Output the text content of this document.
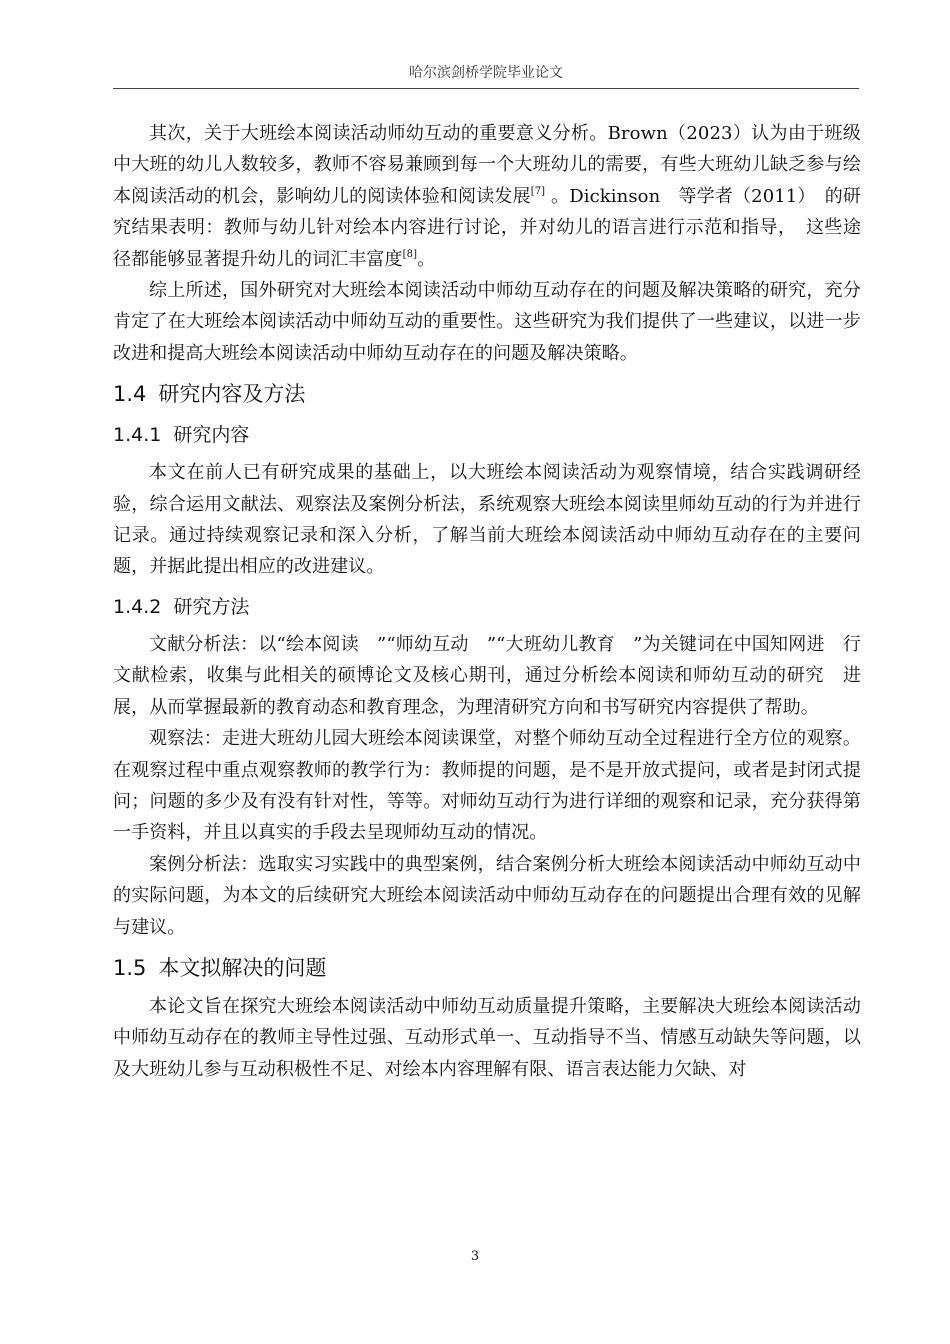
哈尔滨剑桥学院毕业论文

其次，关于大班绘本阅读活动师幼互动的重要意义分析。Brown（2023）认为由于班级中大班的幼儿人数较多，教师不容易兼顾到每一个大班幼儿的需要，有些大班幼儿缺乏参与绘本阅读活动的机会，影响幼儿的阅读体验和阅读发展[7] 。Dickinson　等学者（2011）　的研究结果表明：教师与幼儿针对绘本内容进行讨论，并对幼儿的语言进行示范和指导，　这些途径都能够显著提升幼儿的词汇丰富度[8]。

综上所述，国外研究对大班绘本阅读活动中师幼互动存在的问题及解决策略的研究，充分肯定了在大班绘本阅读活动中师幼互动的重要性。这些研究为我们提供了一些建议，以进一步改进和提高大班绘本阅读活动中师幼互动存在的问题及解决策略。

1.4 研究内容及方法
1.4.1 研究内容

本文在前人已有研究成果的基础上，以大班绘本阅读活动为观察情境，结合实践调研经验，综合运用文献法、观察法及案例分析法，系统观察大班绘本阅读里师幼互动的行为并进行记录。通过持续观察记录和深入分析，了解当前大班绘本阅读活动中师幼互动存在的主要问题，并据此提出相应的改进建议。

1.4.2 研究方法

文献分析法：以“绘本阅读　”“师幼互动　”“大班幼儿教育　”为关键词在中国知网进　行文献检索，收集与此相关的硕博论文及核心期刊，通过分析绘本阅读和师幼互动的研究　进展，从而掌握最新的教育动态和教育理念，为理清研究方向和书写研究内容提供了帮助。

观察法：走进大班幼儿园大班绘本阅读课堂，对整个师幼互动全过程进行全方位的观察。在观察过程中重点观察教师的教学行为：教师提的问题，是不是开放式提问，或者是封闭式提问；问题的多少及有没有针对性，等等。对师幼互动行为进行详细的观察和记录，充分获得第一手资料，并且以真实的手段去呈现师幼互动的情况。

案例分析法：选取实习实践中的典型案例，结合案例分析大班绘本阅读活动中师幼互动中的实际问题，为本文的后续研究大班绘本阅读活动中师幼互动存在的问题提出合理有效的见解与建议。

1.5 本文拟解决的问题

本论文旨在探究大班绘本阅读活动中师幼互动质量提升策略，主要解决大班绘本阅读活动中师幼互动存在的教师主导性过强、互动形式单一、互动指导不当、情感互动缺失等问题，以及大班幼儿参与互动积极性不足、对绘本内容理解有限、语言表达能力欠缺、对

3
